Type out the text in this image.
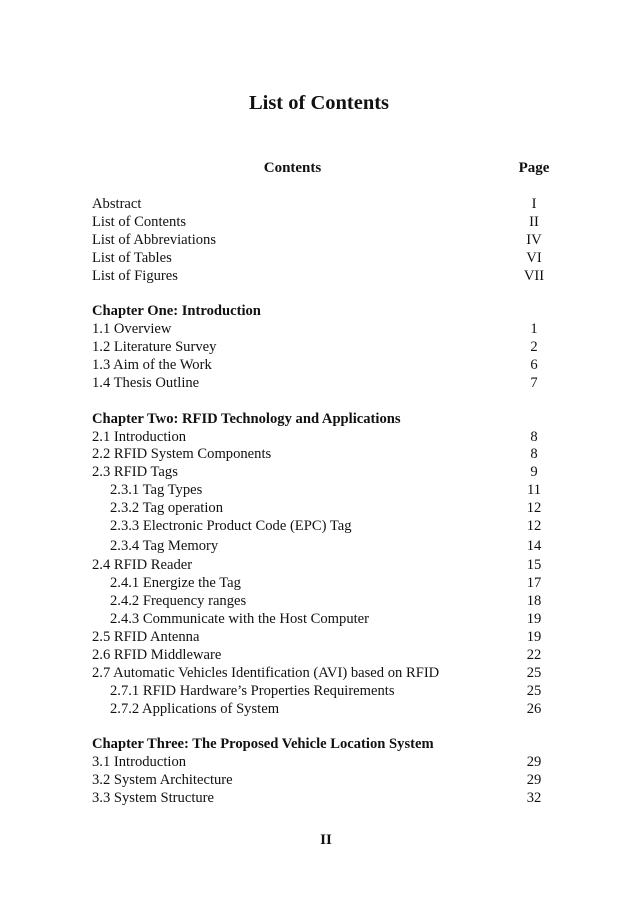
List of Contents
Contents	Page
Abstract	I
List of Contents	II
List of Abbreviations	IV
List of Tables	VI
List of Figures	VII
Chapter One: Introduction
1.1 Overview	1
1.2 Literature Survey	2
1.3 Aim of the Work	6
1.4 Thesis Outline	7
Chapter Two: RFID Technology and Applications
2.1 Introduction	8
2.2 RFID System Components	8
2.3 RFID Tags	9
2.3.1 Tag Types	11
2.3.2 Tag operation	12
2.3.3 Electronic Product Code (EPC) Tag	12
2.3.4 Tag Memory	14
2.4 RFID Reader	15
2.4.1 Energize the Tag	17
2.4.2 Frequency ranges	18
2.4.3 Communicate with the Host Computer	19
2.5 RFID Antenna	19
2.6 RFID Middleware	22
2.7 Automatic Vehicles Identification (AVI) based on RFID	25
2.7.1 RFID Hardware’s Properties Requirements	25
2.7.2 Applications of System	26
Chapter Three: The Proposed Vehicle Location System
3.1 Introduction	29
3.2 System Architecture	29
3.3 System Structure	32
II
